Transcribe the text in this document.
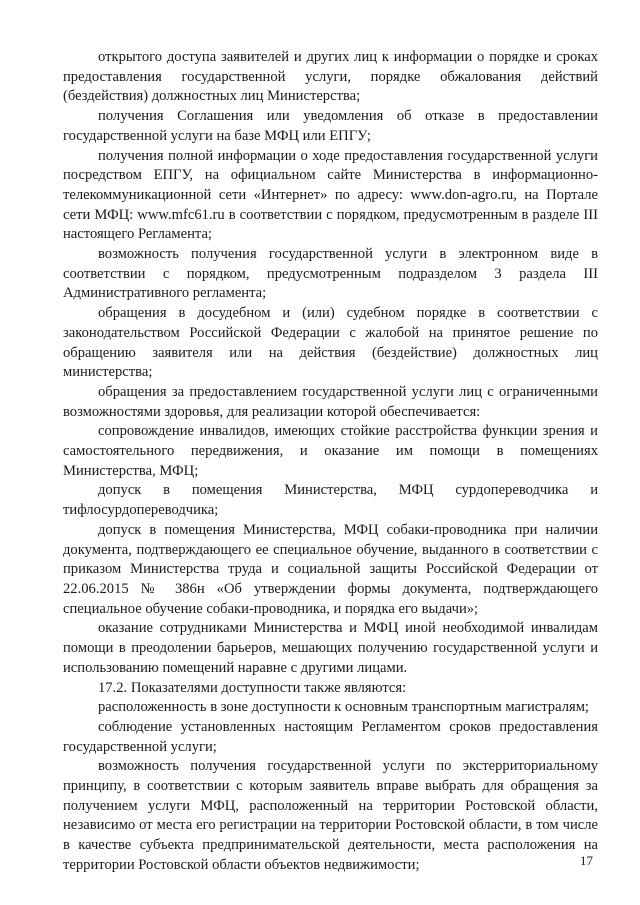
открытого доступа заявителей и других лиц к информации о порядке и сроках предоставления государственной услуги, порядке обжалования действий (бездействия) должностных лиц Министерства;

получения Соглашения или уведомления об отказе в предоставлении государственной услуги на базе МФЦ или ЕПГУ;

получения полной информации о ходе предоставления государственной услуги посредством ЕПГУ, на официальном сайте Министерства в информационно-телекоммуникационной сети «Интернет» по адресу: www.don-agro.ru, на Портале сети МФЦ: www.mfc61.ru в соответствии с порядком, предусмотренным в разделе III настоящего Регламента;

возможность получения государственной услуги в электронном виде в соответствии с порядком, предусмотренным подразделом 3 раздела III Административного регламента;

обращения в досудебном и (или) судебном порядке в соответствии с законодательством Российской Федерации с жалобой на принятое решение по обращению заявителя или на действия (бездействие) должностных лиц министерства;

обращения за предоставлением государственной услуги лиц с ограниченными возможностями здоровья, для реализации которой обеспечивается:

сопровождение инвалидов, имеющих стойкие расстройства функции зрения и самостоятельного передвижения, и оказание им помощи в помещениях Министерства, МФЦ;

допуск в помещения Министерства, МФЦ сурдопереводчика и тифлосурдопереводчика;

допуск в помещения Министерства, МФЦ собаки-проводника при наличии документа, подтверждающего ее специальное обучение, выданного в соответствии с приказом Министерства труда и социальной защиты Российской Федерации от 22.06.2015 № 386н «Об утверждении формы документа, подтверждающего специальное обучение собаки-проводника, и порядка его выдачи»;

оказание сотрудниками Министерства и МФЦ иной необходимой инвалидам помощи в преодолении барьеров, мешающих получению государственной услуги и использованию помещений наравне с другими лицами.

17.2. Показателями доступности также являются:

расположенность в зоне доступности к основным транспортным магистралям;

соблюдение установленных настоящим Регламентом сроков предоставления государственной услуги;

возможность получения государственной услуги по экстерриториальному принципу, в соответствии с которым заявитель вправе выбрать для обращения за получением услуги МФЦ, расположенный на территории Ростовской области, независимо от места его регистрации на территории Ростовской области, в том числе в качестве субъекта предпринимательской деятельности, места расположения на территории Ростовской области объектов недвижимости;	17
